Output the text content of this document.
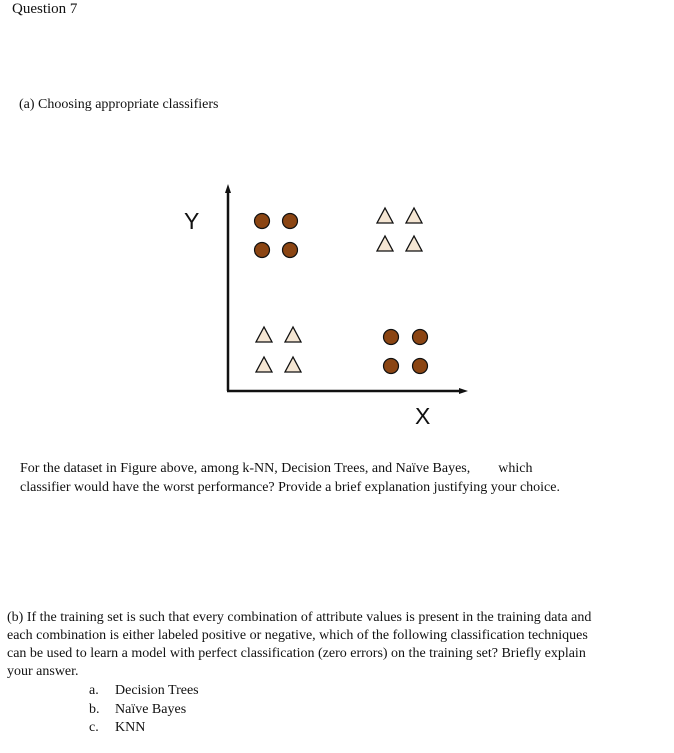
Question 7
(a) Choosing appropriate classifiers
Y
X
For the dataset in Figure above, among k-NN, Decision Trees, and Naïve Bayes, which
classifier would have the worst performance? Provide a brief explanation justifying your choice.
(b) If the training set is such that every combination of attribute values is present in the training data and
each combination is either labeled positive or negative, which of the following classification techniques
can be used to learn a model with perfect classification (zero errors) on the training set? Briefly explain
your answer.
a. Decision Trees
b. Naïve Bayes
c. KNN
